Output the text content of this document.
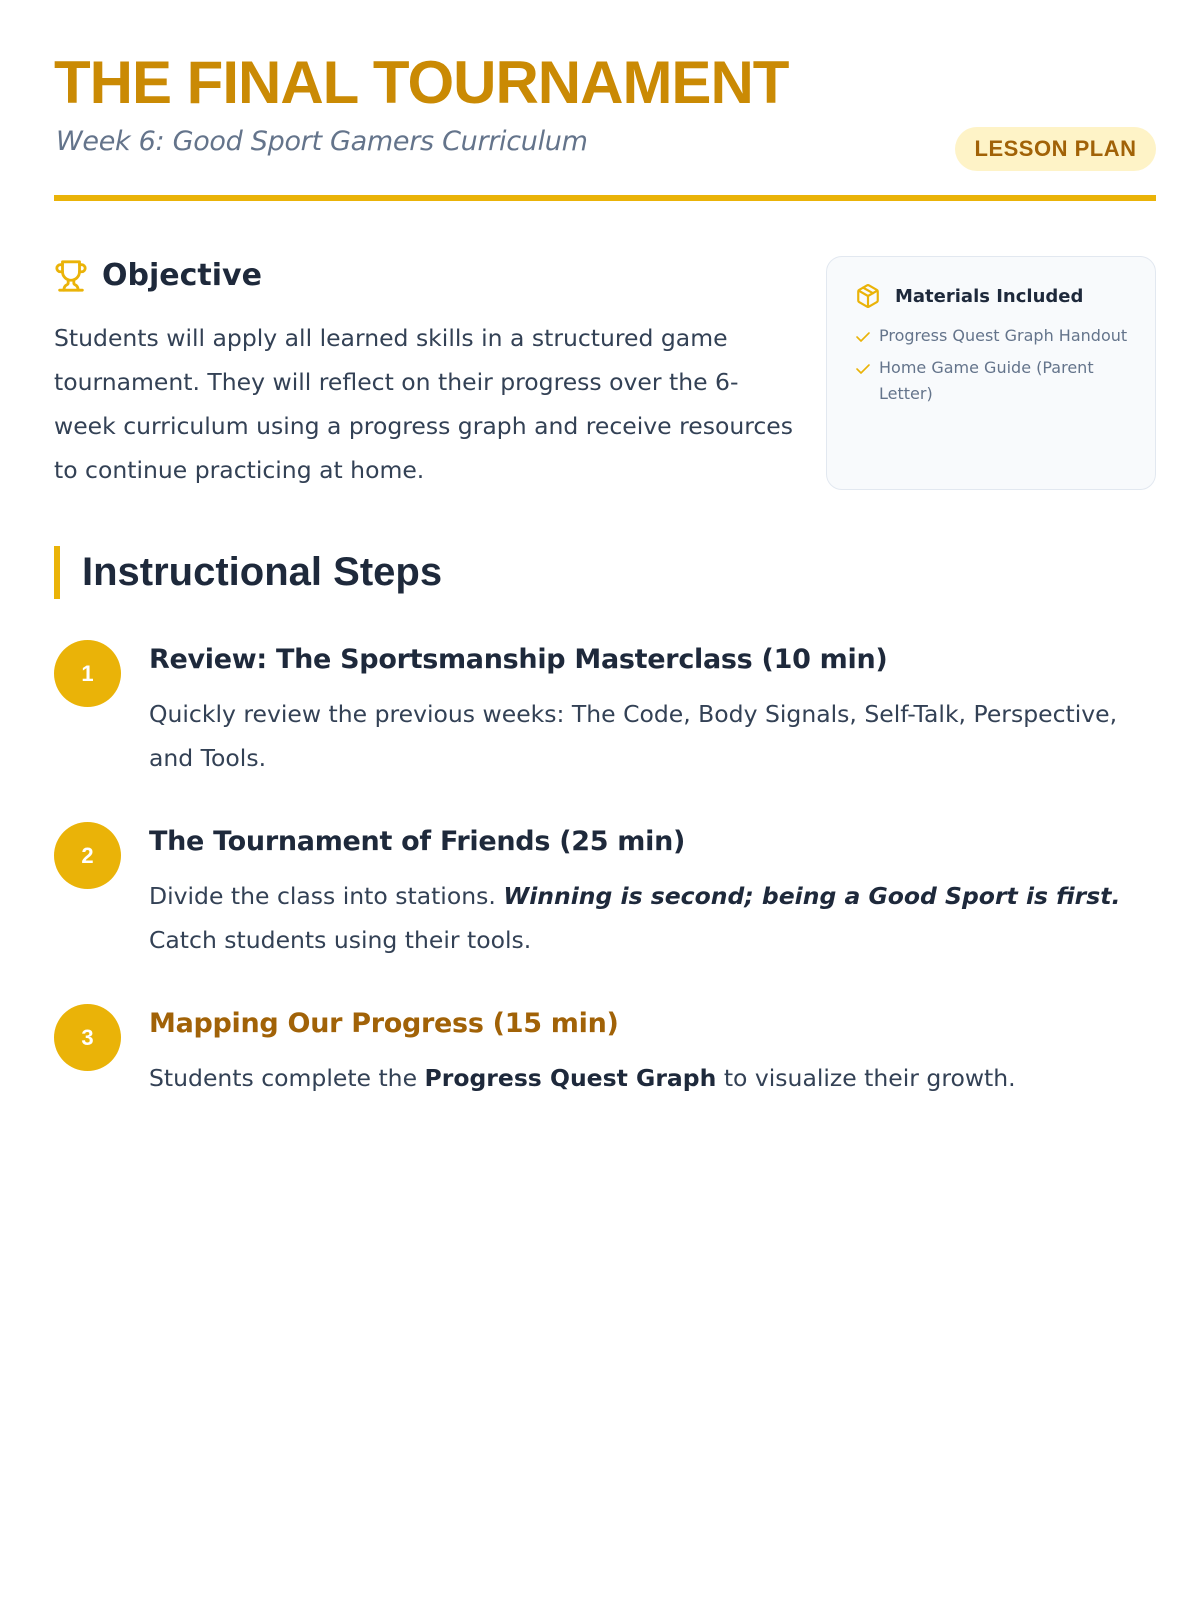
THE FINAL TOURNAMENT
Week 6: Good Sport Gamers Curriculum	LESSON PLAN
Objective

Students will apply all learned skills in a structured game tournament. They will reflect on their progress over the 6-week curriculum using a progress graph and receive resources to continue practicing at home.

Materials Included
Progress Quest Graph Handout
Home Game Guide (Parent Letter)
Instructional Steps
1	Review: The Sportsmanship Masterclass (10 min)

Quickly review the previous weeks: The Code, Body Signals, Self-Talk, Perspective, and Tools.

2	The Tournament of Friends (25 min)

Divide the class into stations. Winning is second; being a Good Sport is first. Catch students using their tools.

3	Mapping Our Progress (15 min)

Students complete the Progress Quest Graph to visualize their growth.
